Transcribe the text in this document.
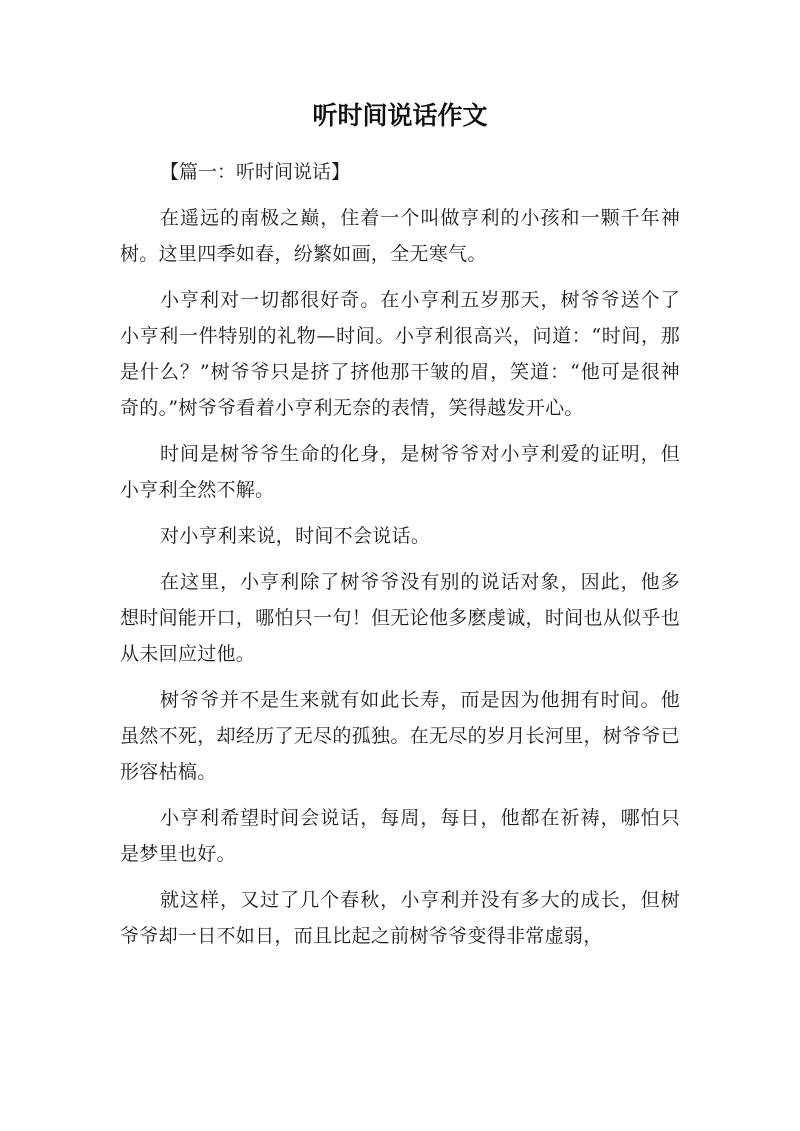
听时间说话作文

【篇一：听时间说话】

在遥远的南极之巅，住着一个叫做亨利的小孩和一颗千年神树。这里四季如春，纷繁如画，全无寒气。

小亨利对一切都很好奇。在小亨利五岁那天，树爷爷送个了小亨利一件特别的礼物—时间。小亨利很高兴，问道：“时间，那是什么？”树爷爷只是挤了挤他那干皱的眉，笑道：“他可是很神奇的。”树爷爷看着小亨利无奈的表情，笑得越发开心。

时间是树爷爷生命的化身，是树爷爷对小亨利爱的证明，但小亨利全然不解。

对小亨利来说，时间不会说话。

在这里，小亨利除了树爷爷没有别的说话对象，因此，他多想时间能开口，哪怕只一句！但无论他多麽虔诚，时间也从似乎也从未回应过他。

树爷爷并不是生来就有如此长寿，而是因为他拥有时间。他虽然不死，却经历了无尽的孤独。在无尽的岁月长河里，树爷爷已形容枯槁。

小亨利希望时间会说话，每周，每日，他都在祈祷，哪怕只是梦里也好。

就这样，又过了几个春秋，小亨利并没有多大的成长，但树爷爷却一日不如日，而且比起之前树爷爷变得非常虚弱，
